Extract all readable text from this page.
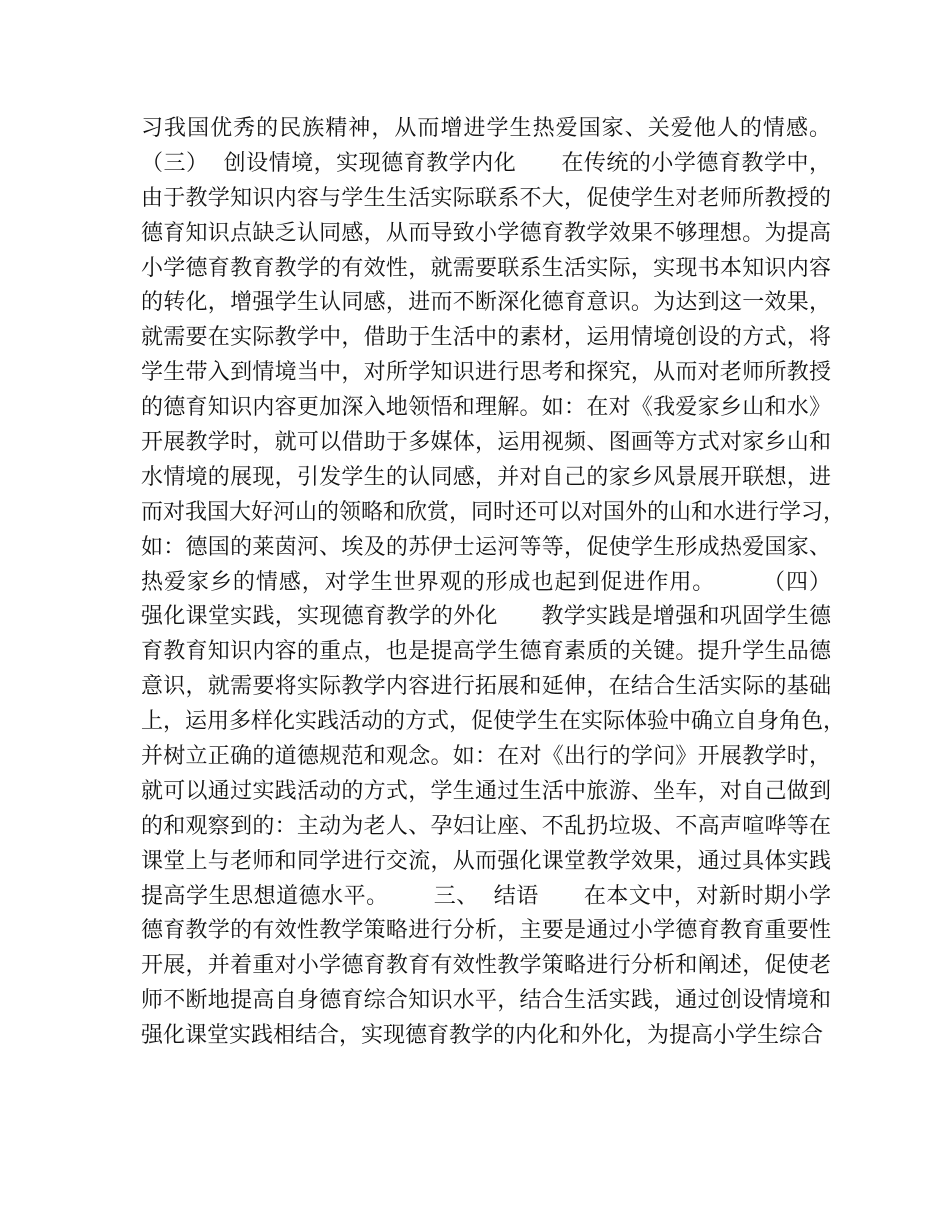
习我国优秀的民族精神，从而增进学生热爱国家、关爱他人的情感。
（三）  创设情境，实现德育教学内化      在传统的小学德育教学中，
由于教学知识内容与学生生活实际联系不大，促使学生对老师所教授的
德育知识点缺乏认同感，从而导致小学德育教学效果不够理想。为提高
小学德育教育教学的有效性，就需要联系生活实际，实现书本知识内容
的转化，增强学生认同感，进而不断深化德育意识。为达到这一效果，
就需要在实际教学中，借助于生活中的素材，运用情境创设的方式，将
学生带入到情境当中，对所学知识进行思考和探究，从而对老师所教授
的德育知识内容更加深入地领悟和理解。如：在对《我爱家乡山和水》
开展教学时，就可以借助于多媒体，运用视频、图画等方式对家乡山和
水情境的展现，引发学生的认同感，并对自己的家乡风景展开联想，进
而对我国大好河山的领略和欣赏，同时还可以对国外的山和水进行学习，
如：德国的莱茵河、埃及的苏伊士运河等等，促使学生形成热爱国家、
热爱家乡的情感，对学生世界观的形成也起到促进作用。      （四）
强化课堂实践，实现德育教学的外化      教学实践是增强和巩固学生德
育教育知识内容的重点，也是提高学生德育素质的关键。提升学生品德
意识，就需要将实际教学内容进行拓展和延伸，在结合生活实际的基础
上，运用多样化实践活动的方式，促使学生在实际体验中确立自身角色，
并树立正确的道德规范和观念。如：在对《出行的学问》开展教学时，
就可以通过实践活动的方式，学生通过生活中旅游、坐车，对自己做到
的和观察到的：主动为老人、孕妇让座、不乱扔垃圾、不高声喧哗等在
课堂上与老师和同学进行交流，从而强化课堂教学效果，通过具体实践
提高学生思想道德水平。      三、  结语      在本文中，对新时期小学
德育教学的有效性教学策略进行分析，主要是通过小学德育教育重要性
开展，并着重对小学德育教育有效性教学策略进行分析和阐述，促使老
师不断地提高自身德育综合知识水平，结合生活实践，通过创设情境和
强化课堂实践相结合，实现德育教学的内化和外化，为提高小学生综合
